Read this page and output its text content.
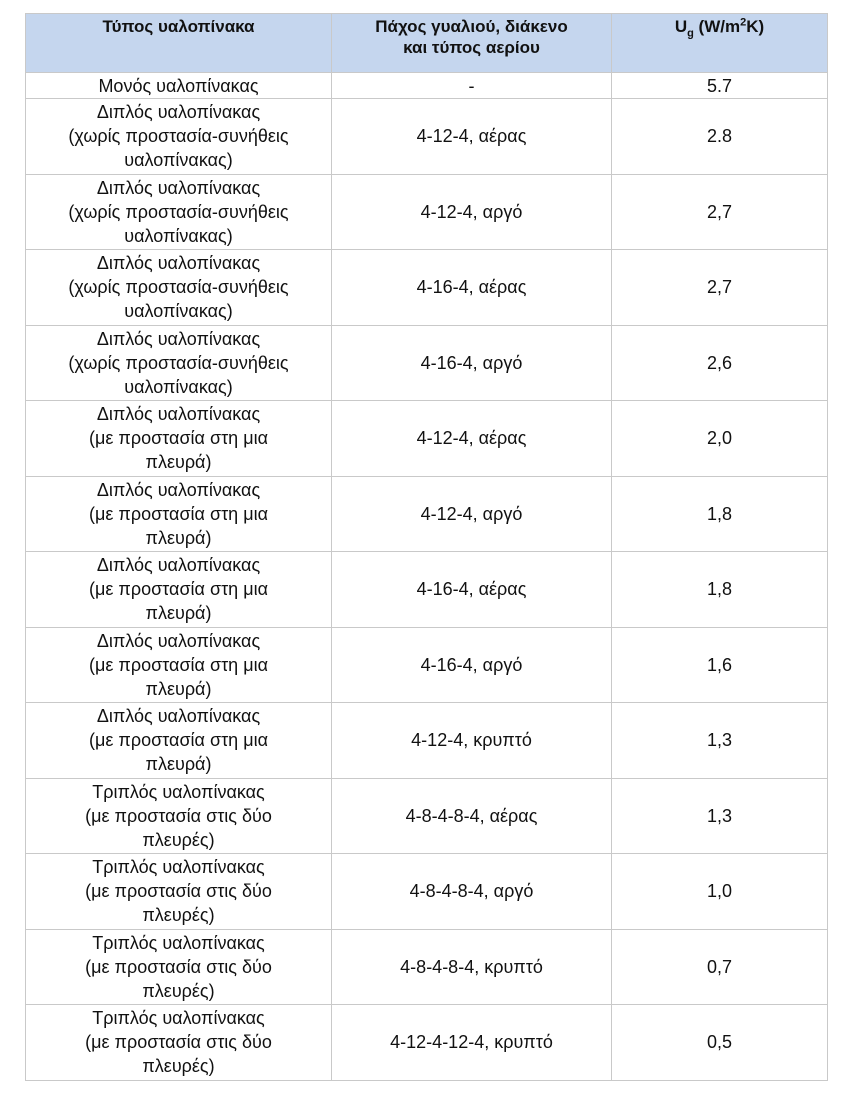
Τύπος υαλοπίνακα	Πάχος γυαλιού, διάκενο
και τύπος αερίου	$U_g$ $(W/m^2K)$
Μονός υαλοπίνακας	-	5.7
Διπλός υαλοπίνακας
(χωρίς προστασία-συνήθεις
υαλοπίνακας)	4-12-4, αέρας	2.8
Διπλός υαλοπίνακας
(χωρίς προστασία-συνήθεις
υαλοπίνακας)	4-12-4, αργό	2,7
Διπλός υαλοπίνακας
(χωρίς προστασία-συνήθεις
υαλοπίνακας)	4-16-4, αέρας	2,7
Διπλός υαλοπίνακας
(χωρίς προστασία-συνήθεις
υαλοπίνακας)	4-16-4, αργό	2,6
Διπλός υαλοπίνακας
(με προστασία στη μια
πλευρά)	4-12-4, αέρας	2,0
Διπλός υαλοπίνακας
(με προστασία στη μια
πλευρά)	4-12-4, αργό	1,8
Διπλός υαλοπίνακας
(με προστασία στη μια
πλευρά)	4-16-4, αέρας	1,8
Διπλός υαλοπίνακας
(με προστασία στη μια
πλευρά)	4-16-4, αργό	1,6
Διπλός υαλοπίνακας
(με προστασία στη μια
πλευρά)	4-12-4, κρυπτό	1,3
Τριπλός υαλοπίνακας
(με προστασία στις δύο
πλευρές)	4-8-4-8-4, αέρας	1,3
Τριπλός υαλοπίνακας
(με προστασία στις δύο
πλευρές)	4-8-4-8-4, αργό	1,0
Τριπλός υαλοπίνακας
(με προστασία στις δύο
πλευρές)	4-8-4-8-4, κρυπτό	0,7
Τριπλός υαλοπίνακας
(με προστασία στις δύο
πλευρές)	4-12-4-12-4, κρυπτό	0,5
